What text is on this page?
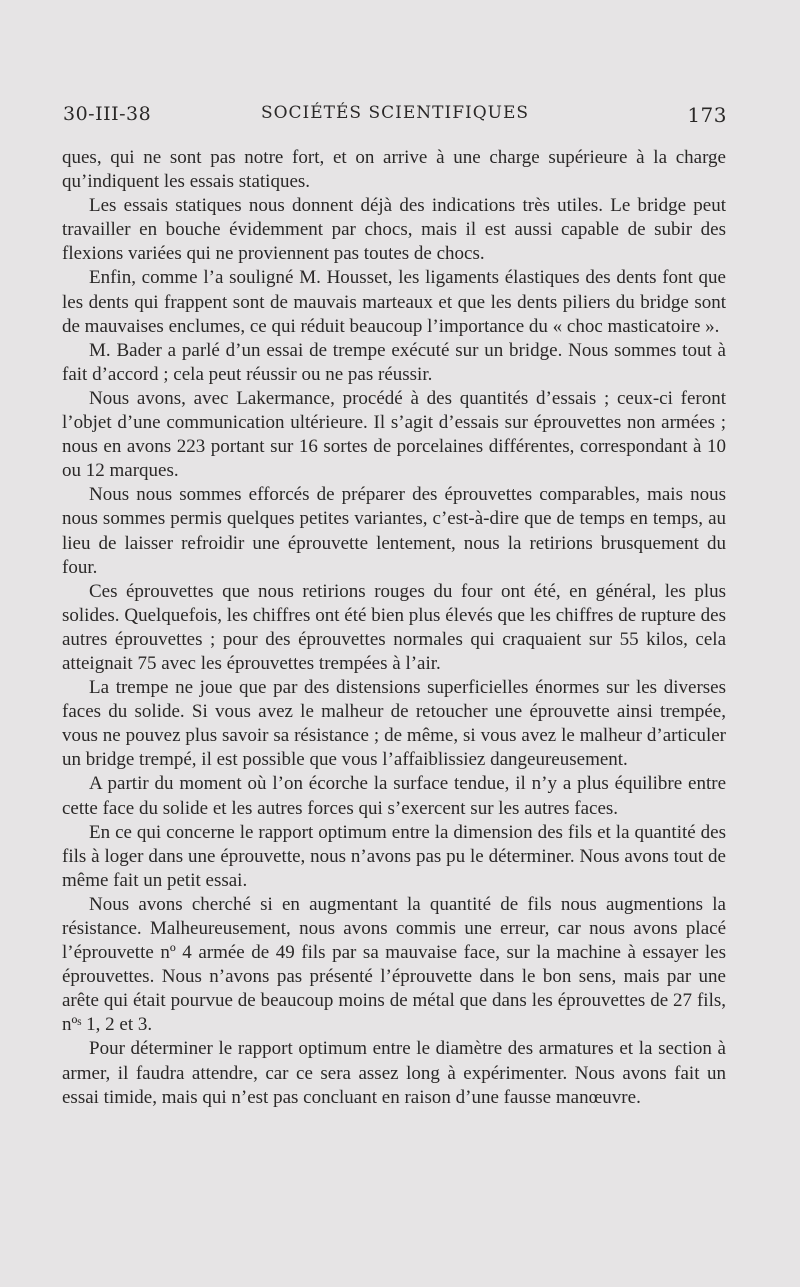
30-III-38	SOCIÉTÉS SCIENTIFIQUES	173

ques, qui ne sont pas notre fort, et on arrive à une charge supérieure à la charge qu’indiquent les essais statiques.

Les essais statiques nous donnent déjà des indications très utiles. Le bridge peut travailler en bouche évidemment par chocs, mais il est aussi capable de subir des flexions variées qui ne proviennent pas toutes de chocs.

Enfin, comme l’a souligné M. Housset, les ligaments élastiques des dents font que les dents qui frappent sont de mauvais marteaux et que les dents piliers du bridge sont de mauvaises enclumes, ce qui réduit beaucoup l’importance du « choc masticatoire ».

M. Bader a parlé d’un essai de trempe exécuté sur un bridge. Nous sommes tout à fait d’accord ; cela peut réussir ou ne pas réussir.

Nous avons, avec Lakermance, procédé à des quantités d’essais ; ceux-ci feront l’objet d’une communication ultérieure. Il s’agit d’essais sur éprouvettes non armées ; nous en avons 223 portant sur 16 sortes de porcelaines différentes, correspondant à 10 ou 12 marques.

Nous nous sommes efforcés de préparer des éprouvettes comparables, mais nous nous sommes permis quelques petites variantes, c’est-à-dire que de temps en temps, au lieu de laisser refroidir une éprouvette lentement, nous la retirions brusquement du four.

Ces éprouvettes que nous retirions rouges du four ont été, en général, les plus solides. Quelquefois, les chiffres ont été bien plus élevés que les chiffres de rupture des autres éprouvettes ; pour des éprouvettes normales qui craquaient sur 55 kilos, cela atteignait 75 avec les éprouvettes trempées à l’air.

La trempe ne joue que par des distensions superficielles énormes sur les diverses faces du solide. Si vous avez le malheur de retoucher une éprouvette ainsi trempée, vous ne pouvez plus savoir sa résistance ; de même, si vous avez le malheur d’articuler un bridge trempé, il est possible que vous l’affaiblissiez dangeureusement.

A partir du moment où l’on écorche la surface tendue, il n’y a plus équilibre entre cette face du solide et les autres forces qui s’exercent sur les autres faces.

En ce qui concerne le rapport optimum entre la dimension des fils et la quantité des fils à loger dans une éprouvette, nous n’avons pas pu le déterminer. Nous avons tout de même fait un petit essai.

Nous avons cherché si en augmentant la quantité de fils nous augmentions la résistance. Malheureusement, nous avons commis une erreur, car nous avons placé l’éprouvette nº 4 armée de 49 fils par sa mauvaise face, sur la machine à essayer les éprouvettes. Nous n’avons pas présenté l’éprouvette dans le bon sens, mais par une arête qui était pourvue de beaucoup moins de métal que dans les éprouvettes de 27 fils, nºˢ 1, 2 et 3.

Pour déterminer le rapport optimum entre le diamètre des armatures et la section à armer, il faudra attendre, car ce sera assez long à expérimenter. Nous avons fait un essai timide, mais qui n’est pas concluant en raison d’une fausse manœuvre.
